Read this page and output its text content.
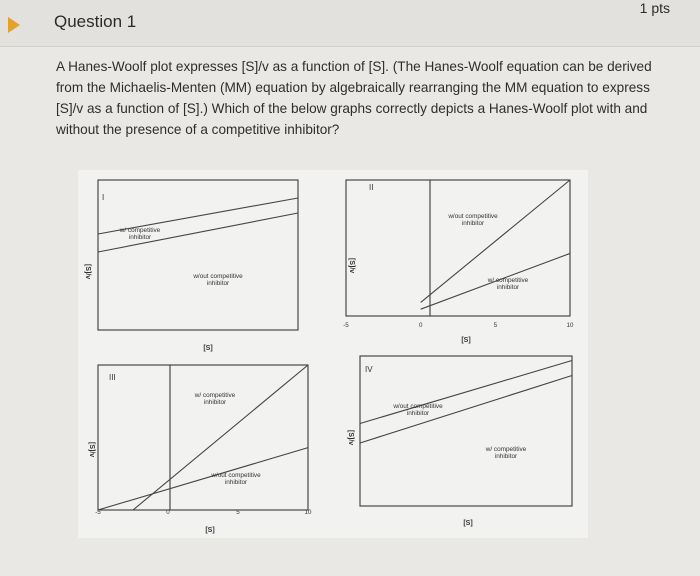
Question 1
1 pts
A Hanes-Woolf plot expresses [S]/v as a function of [S]. (The Hanes-Woolf equation can be derived from the Michaelis-Menten (MM) equation by algebraically rearranging the MM equation to express [S]/v as a function of [S].) Which of the below graphs correctly depicts a Hanes-Woolf plot with and without the presence of a competitive inhibitor?
w/ competitive
inhibitor
w/out competitive
inhibitor
I
[S]/v
[S]
w/out competitive
inhibitor
w/ competitive
inhibitor
II
[S]/v
[S]
-5	0	5	10
w/ competitive
inhibitor
w/out competitive
inhibitor
III
[S]/v
[S]
-5	0	5	10
w/out competitive
inhibitor
w/ competitive
inhibitor
IV
[S]/v
[S]
